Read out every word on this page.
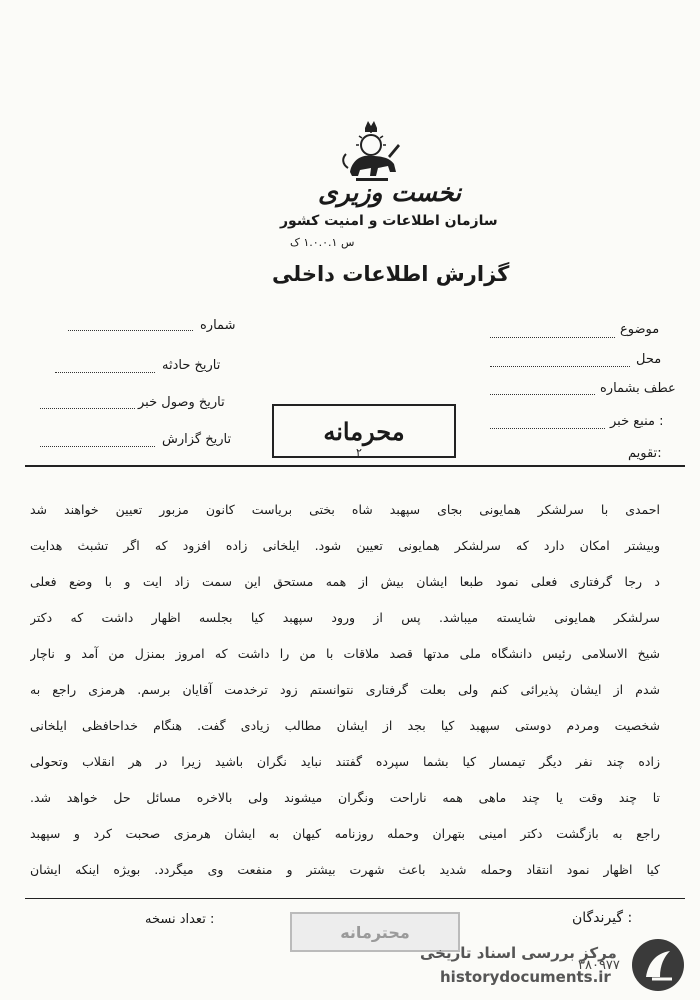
نخست وزیری
سازمان اطلاعات و امنیت کشور
س ۱.۰.۰.۱ ک
گزارش اطلاعات داخلی
موضوع
محل
عطف بشماره
منبع خبر :
تقویم:
شماره
تاریخ حادثه
تاریخ وصول خبر
تاریخ گزارش	محرمانه
۲
احمدی با سرلشکر همایونی بجای سپهبد شاه بختی بریاست کانون مزبور تعیین خواهند شد
وبیشتر امکان دارد که سرلشکر همایونی تعیین شود. ایلخانی زاده افزود که اگر تشبث هدایت
د رجا گرفتاری فعلی نمود طبعا ایشان بیش از همه مستحق این سمت زاد ایت و با وضع فعلی
سرلشکر همایونی شایسته میباشد. پس از ورود سپهبد کیا بجلسه اظهار داشت که دکتر
شیخ الاسلامی رئیس دانشگاه ملی مدتها قصد ملاقات با من را داشت که امروز بمنزل من آمد و ناچار
شدم از ایشان پذیرائی کنم ولی بعلت گرفتاری نتوانستم زود ترخدمت آقایان برسم. هرمزی راجع به
شخصیت ومردم دوستی سپهبد کیا بجد از ایشان مطالب زیادی گفت. هنگام خداحافظی ایلخانی
زاده چند نفر دیگر تیمسار کیا بشما سپرده گفتند نباید نگران باشید زیرا در هر انقلاب وتحولی
تا چند وقت یا چند ماهی همه ناراحت ونگران میشوند ولی بالاخره مسائل حل خواهد شد.
راجع به بازگشت دکتر امینی بتهران وحمله روزنامه کیهان به ایشان هرمزی صحبت کرد و سپهبد
کیا اظهار نمود انتقاد وحمله شدید باعث شهرت بیشتر و منفعت وی میگردد. بویژه اینکه ایشان
گیرندگان :
تعداد نسخه :
محترمانه
۳۸۰۹۷۷
مرکز بررسی اسناد تاریخی
historydocuments.ir
